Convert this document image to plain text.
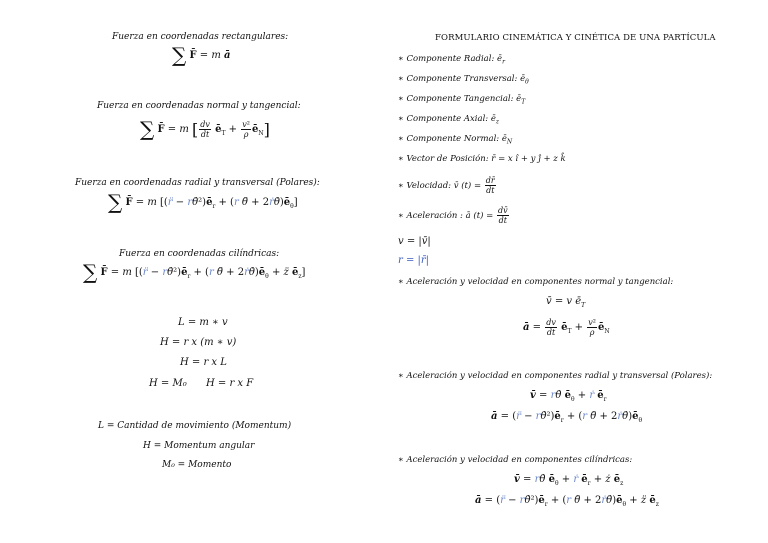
Fuerza en coordenadas rectangulares:
∑ F̄ = m ā
Fuerza en coordenadas normal y tangencial:
∑ F̄ = m [ $\frac{dv}{dt}$ $ē_T + \frac{\text{v²}}{\rho}$ $ē_N$]
Fuerza en coordenadas radial y transversal (Polares):
∑ F̄ = m [(r̈ − $r\thetȧ^2)ē_r + (r$ θ̈ + $2ṙ\thetȧ)ē_\theta$]
Fuerza en coordenadas cilíndricas:
∑ F̄ = m [(r̈ − $r\thetȧ^2)ē_r + (r$ θ̈ + $2ṙ\thetȧ)ē_\theta$ + z̈ $ē_z$]
L = m ∗ v
H = r x (m ∗ v)
H = r x L
H = M₀ H = r x F
L = Cantidad de movimiento (Momentum)
H = Momentum angular
M₀ = Momento
FORMULARIO CINEMÁTICA Y CINÉTICA DE UNA PARTÍCULA
∗ Componente Radial: $ē_r$
∗ Componente Transversal: $ē_\theta$
∗ Componente Tangencial: $ē_T$
∗ Componente Axial: $ē_z$
∗ Componente Normal: $ē_N$
∗ Vector de Posición: r̄ = x î + y ĵ + z k̂
∗ Velocidad: v̄ $(t) = \frac{dr̄}{dt}$
∗ Aceleración : ā $(t) = \frac{dv̄}{dt}$
v = |v̄|
r = |r̄|
∗ Aceleración y velocidad en componentes normal y tangencial:
v̄ = v $ē_T$
ā = $\frac{dv}{dt}$ $ē_T + \frac{\text{v²}}{\rho}$ $ē_N$
∗ Aceleración y velocidad en componentes radial y transversal (Polares):
v̄ = rθ̇ $ē_\theta$ + ṙ $ē_r$
ā = (r̈ − $r\thetȧ^2)ē_r + (r$ θ̈ + $2ṙ\thetȧ)ē_\theta$
∗ Aceleración y velocidad en componentes cilíndricas:
v̄ = rθ̇ $ē_\theta$ + ṙ $ē_r$ + ż $ē_z$
ā = (r̈ − $r\thetȧ^2)ē_r + (r$ θ̈ + $2ṙ\thetȧ)ē_\theta$ + z̈ $ē_z$
